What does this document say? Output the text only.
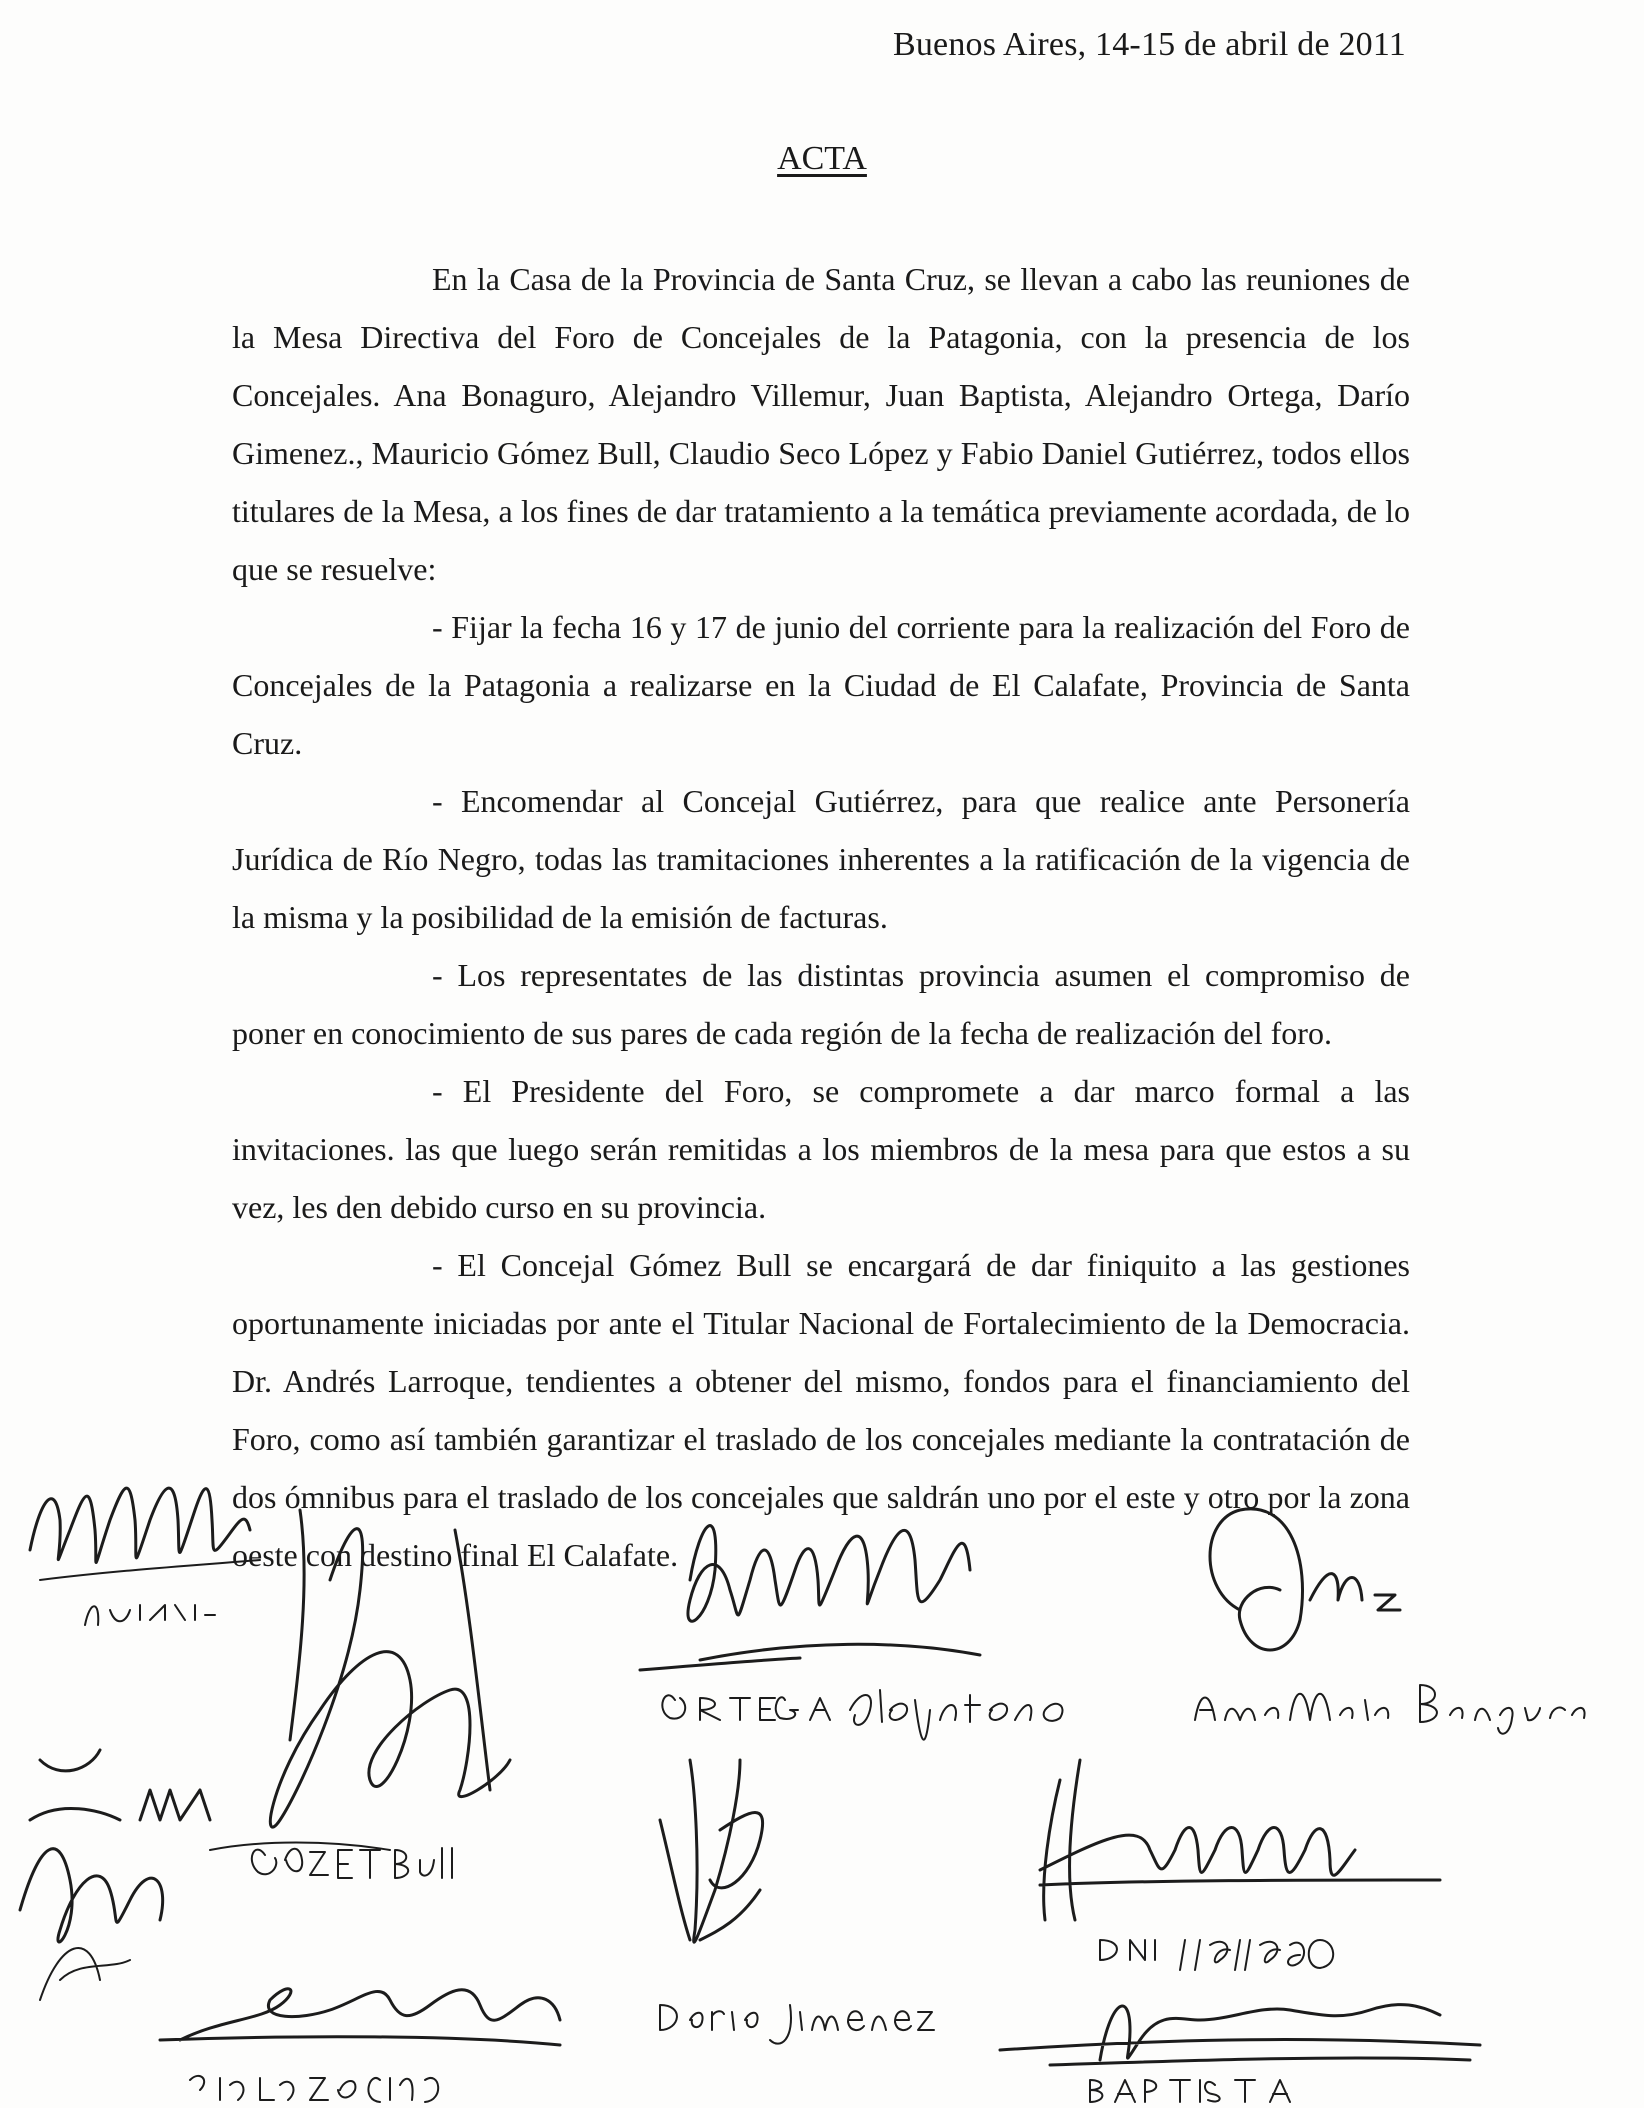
Buenos Aires, 14-15 de abril de 2011
ACTA

En la Casa de la Provincia de Santa Cruz, se llevan a cabo las reuniones de la Mesa Directiva del Foro de Concejales de la Patagonia, con la presencia de los Concejales. Ana Bonaguro, Alejandro Villemur, Juan Baptista, Alejandro Ortega, Darío Gimenez., Mauricio Gómez Bull, Claudio Seco López y Fabio Daniel Gutiérrez, todos ellos titulares de la Mesa, a los fines de dar tratamiento a la temática previamente acordada, de lo que se resuelve:

- Fijar la fecha 16 y 17 de junio del corriente para la realización del Foro de Concejales de la Patagonia a realizarse en la Ciudad de El Calafate, Provincia de Santa Cruz.

- Encomendar al Concejal Gutiérrez, para que realice ante Personería Jurídica de Río Negro, todas las tramitaciones inherentes a la ratificación de la vigencia de la misma y la posibilidad de la emisión de facturas.

- Los representates de las distintas provincia asumen el compromiso de poner en conocimiento de sus pares de cada región de la fecha de realización del foro.

- El Presidente del Foro, se compromete a dar marco formal a las invitaciones. las que luego serán remitidas a los miembros de la mesa para que estos a su vez, les den debido curso en su provincia.

- El Concejal Gómez Bull se encargará de dar finiquito a las gestiones oportunamente iniciadas por ante el Titular Nacional de Fortalecimiento de la Democracia. Dr. Andrés Larroque, tendientes a obtener del mismo, fondos para el financiamiento del Foro, como así también garantizar el traslado de los concejales mediante la contratación de dos ómnibus para el traslado de los concejales que saldrán uno por el este y otro por la zona oeste con destino final El Calafate.
